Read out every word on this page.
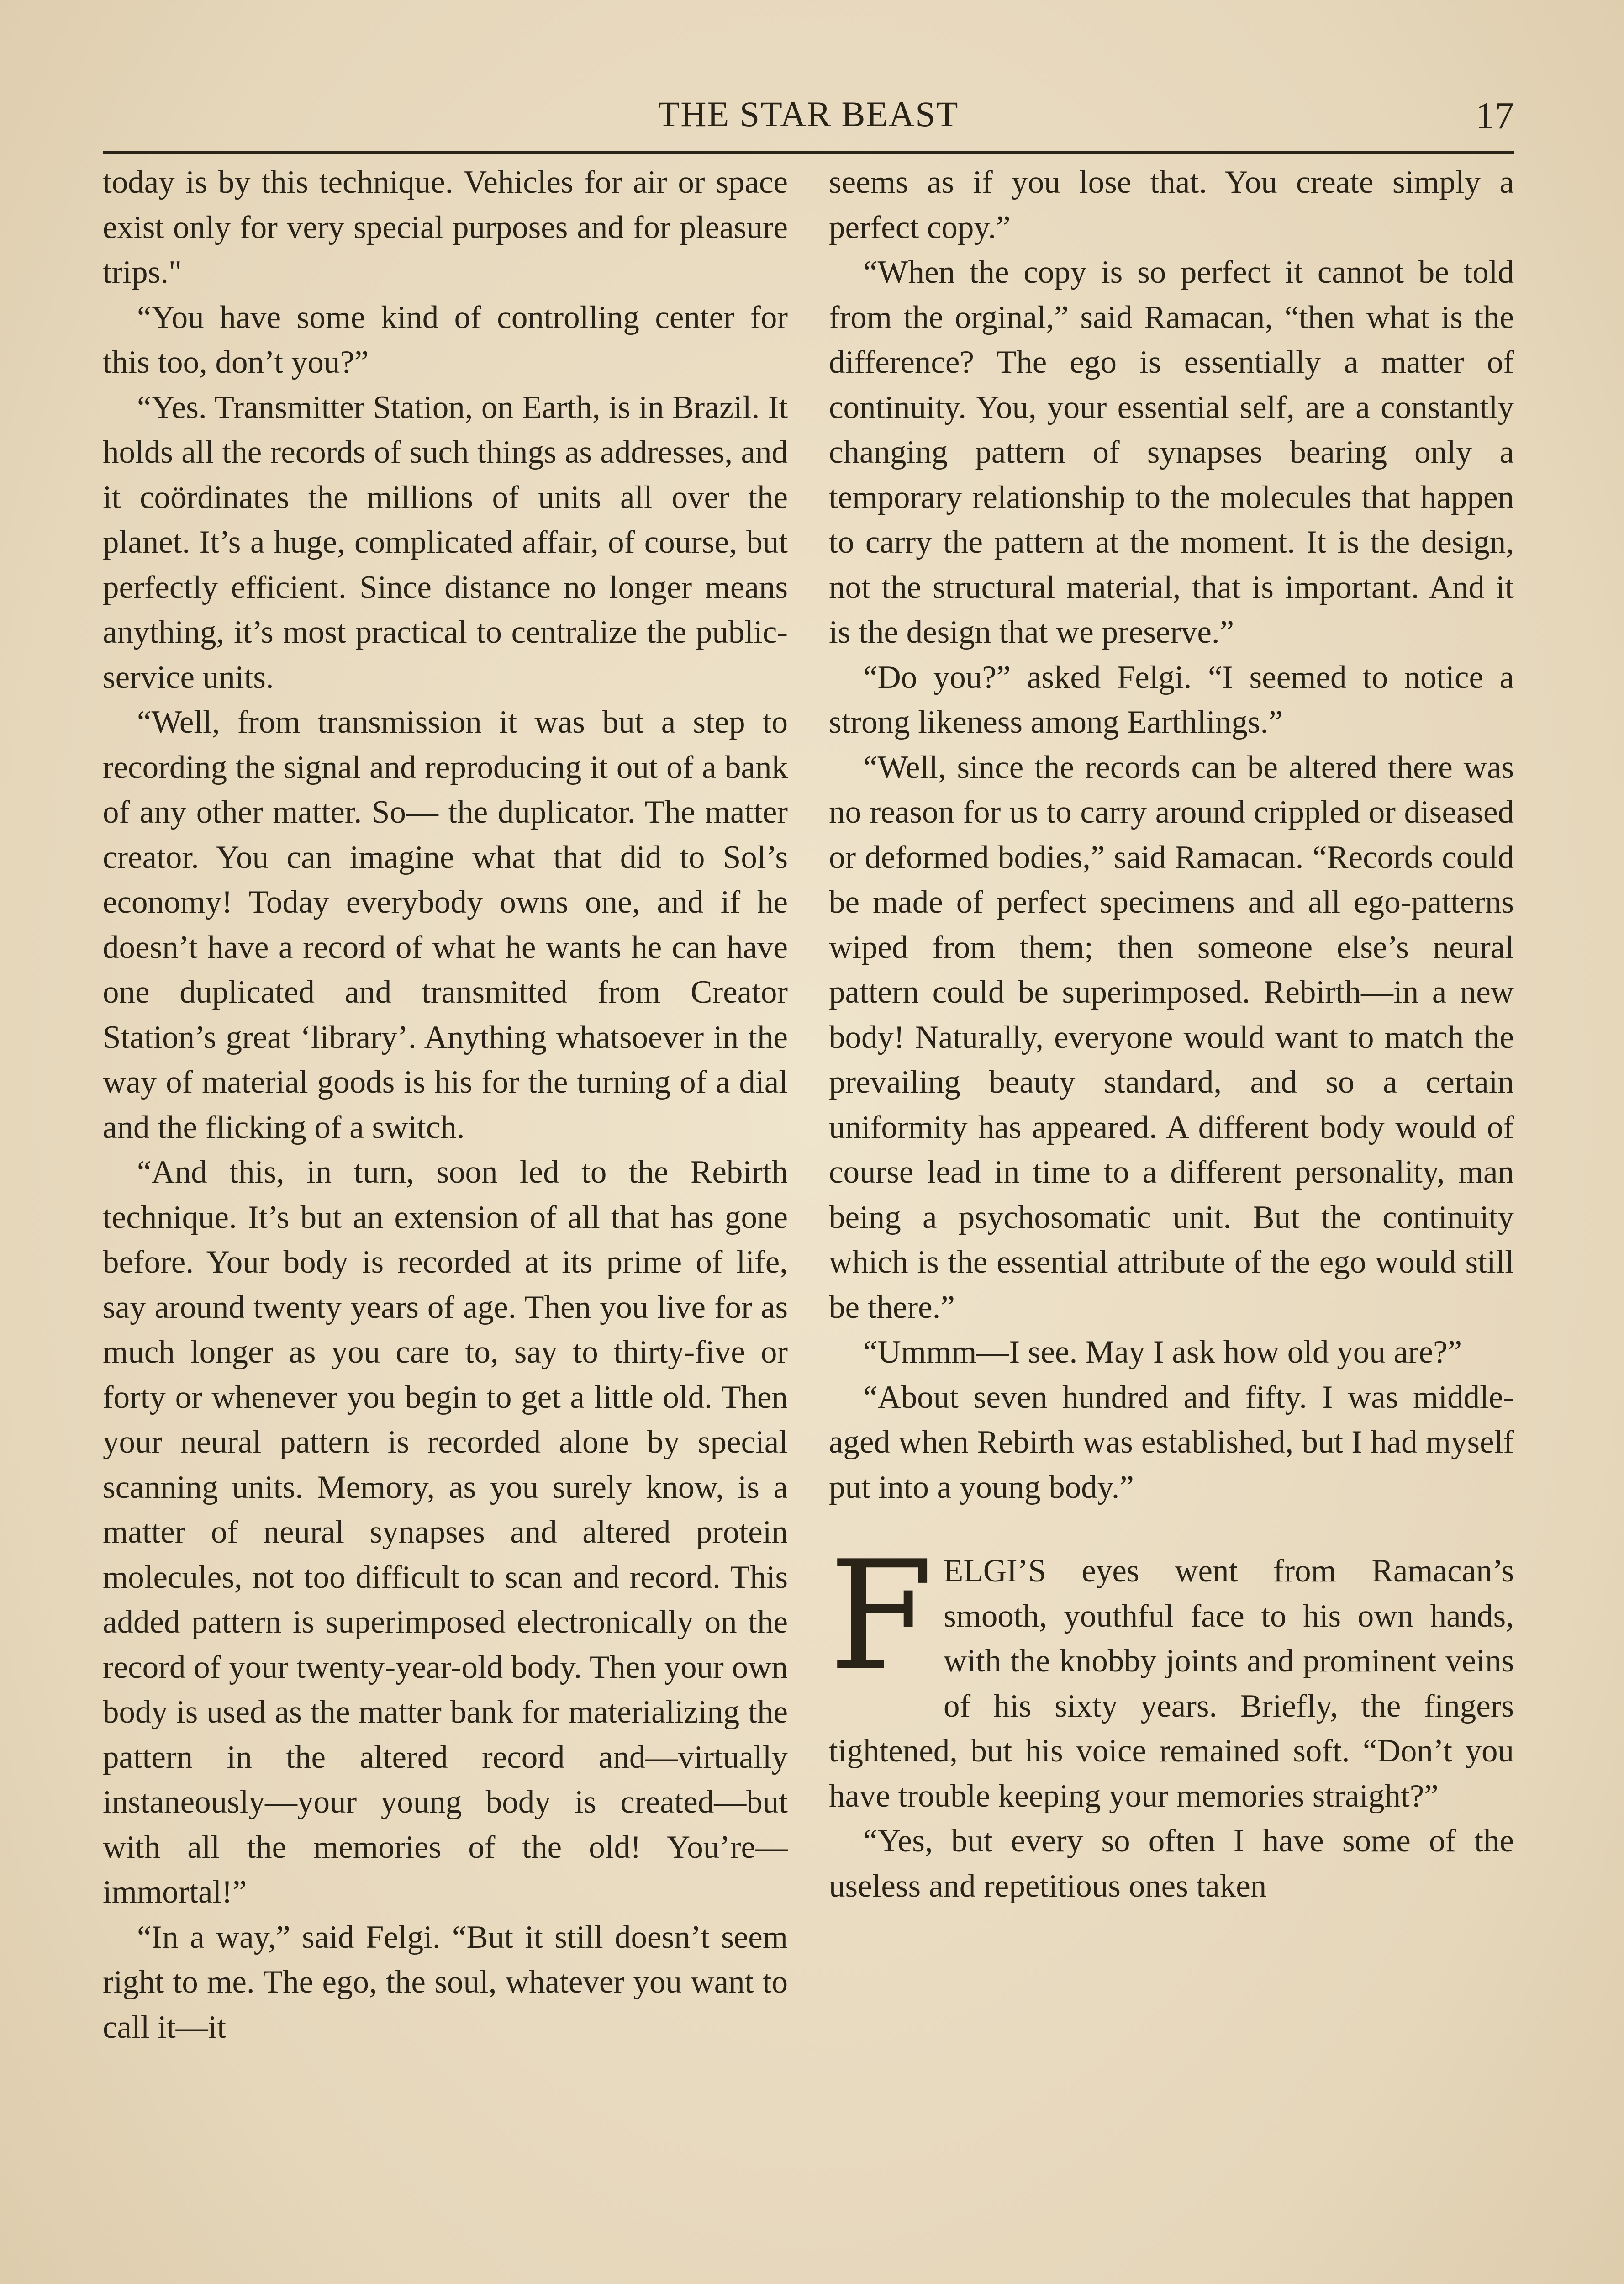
THE STAR BEAST	17

today is by this technique. Vehicles for air or space exist only for very special purposes and for pleasure trips."

“You have some kind of controlling center for this too, don’t you?”

“Yes. Transmitter Station, on Earth, is in Brazil. It holds all the records of such things as addresses, and it coördinates the millions of units all over the planet. It’s a huge, complicated affair, of course, but perfectly efficient. Since distance no longer means anything, it’s most practical to centralize the public-service units.

“Well, from transmission it was but a step to recording the signal and reproducing it out of a bank of any other matter. So— the duplicator. The matter creator. You can imagine what that did to Sol’s economy! Today everybody owns one, and if he doesn’t have a record of what he wants he can have one duplicated and transmitted from Creator Station’s great ‘library’. Anything whatsoever in the way of material goods is his for the turning of a dial and the flicking of a switch.

“And this, in turn, soon led to the Rebirth technique. It’s but an extension of all that has gone before. Your body is recorded at its prime of life, say around twenty years of age. Then you live for as much longer as you care to, say to thirty-five or forty or whenever you begin to get a little old. Then your neural pattern is recorded alone by special scanning units. Memory, as you surely know, is a matter of neural synapses and altered protein molecules, not too difficult to scan and record. This added pattern is superimposed electronically on the record of your twenty-year-old body. Then your own body is used as the matter bank for materializing the pattern in the altered record and—virtually instaneously—your young body is created—but with all the memories of the old! You’re—immortal!”

“In a way,” said Felgi. “But it still doesn’t seem right to me. The ego, the soul, whatever you want to call it—it

seems as if you lose that. You create simply a perfect copy.”

“When the copy is so perfect it cannot be told from the orginal,” said Ramacan, “then what is the difference? The ego is essentially a matter of continuity. You, your essential self, are a constantly changing pattern of synapses bearing only a temporary relationship to the molecules that happen to carry the pattern at the moment. It is the design, not the structural material, that is important. And it is the design that we preserve.”

“Do you?” asked Felgi. “I seemed to notice a strong likeness among Earthlings.”

“Well, since the records can be altered there was no reason for us to carry around crippled or diseased or deformed bodies,” said Ramacan. “Records could be made of perfect specimens and all ego-patterns wiped from them; then someone else’s neural pattern could be superimposed. Rebirth—in a new body! Naturally, everyone would want to match the prevailing beauty standard, and so a certain uniformity has appeared. A different body would of course lead in time to a different personality, man being a psychosomatic unit. But the continuity which is the essential attribute of the ego would still be there.”

“Ummm—I see. May I ask how old you are?”

“About seven hundred and fifty. I was middle-aged when Rebirth was established, but I had myself put into a young body.”

FELGI’S eyes went from Ramacan’s smooth, youthful face to his own hands, with the knobby joints and prominent veins of his sixty years. Briefly, the fingers tightened, but his voice remained soft. “Don’t you have trouble keeping your memories straight?”

“Yes, but every so often I have some of the useless and repetitious ones taken
